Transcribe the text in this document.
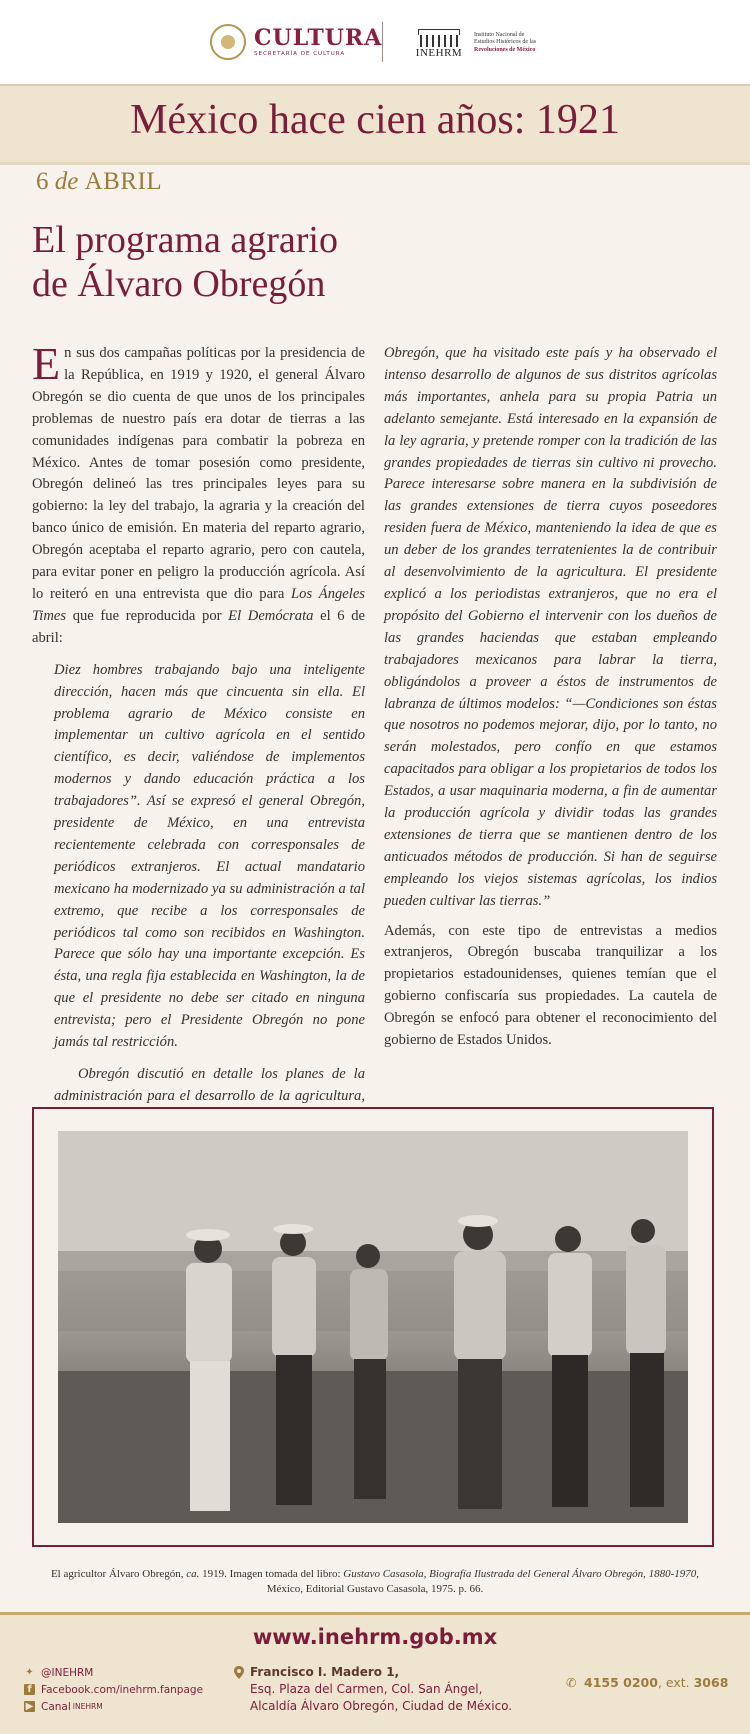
CULTURA
SECRETARÍA DE CULTURA	INEHRM
Instituto Nacional de
Estudios Históricos de las
Revoluciones de México
México hace cien años: 1921
6 de ABRIL
El programa agrario
de Álvaro Obregón

En sus dos campañas políticas por la presidencia de la República, en 1919 y 1920, el general Álvaro Obregón se dio cuenta de que unos de los principales problemas de nuestro país era dotar de tierras a las comunidades indígenas para combatir la pobreza en México. Antes de tomar posesión como presidente, Obregón delineó las tres principales leyes para su gobierno: la ley del trabajo, la agraria y la creación del banco único de emisión. En materia del reparto agrario, Obregón aceptaba el reparto agrario, pero con cautela, para evitar poner en peligro la producción agrícola. Así lo reiteró en una entrevista que dio para Los Ángeles Times que fue reproducida por El Demócrata el 6 de abril:

Diez hombres trabajando bajo una inteligente dirección, hacen más que cincuenta sin ella. El problema agrario de México consiste en implementar un cultivo agrícola en el sentido científico, es decir, valiéndose de implementos modernos y dando educación práctica a los trabajadores”. Así se expresó el general Obregón, presidente de México, en una entrevista recientemente celebrada con corresponsales de periódicos extranjeros. El actual mandatario mexicano ha modernizado ya su administración a tal extremo, que recibe a los corresponsales de periódicos tal como son recibidos en Washington. Parece que sólo hay una importante excepción. Es ésta, una regla fija establecida en Washington, la de que el presidente no debe ser citado en ninguna entrevista; pero el Presidente Obregón no pone jamás tal restricción.

Obregón discutió en detalle los planes de la administración para el desarrollo de la agricultura,

Obregón, que ha visitado este país y ha observado el intenso desarrollo de algunos de sus distritos agrícolas más importantes, anhela para su propia Patria un adelanto semejante. Está interesado en la expansión de la ley agraria, y pretende romper con la tradición de las grandes propiedades de tierras sin cultivo ni provecho. Parece interesarse sobre manera en la subdivisión de las grandes extensiones de tierra cuyos poseedores residen fuera de México, manteniendo la idea de que es un deber de los grandes terratenientes la de contribuir al desenvolvimiento de la agricultura. El presidente explicó a los periodistas extranjeros, que no era el propósito del Gobierno el intervenir con los dueños de las grandes haciendas que estaban empleando trabajadores mexicanos para labrar la tierra, obligándolos a proveer a éstos de instrumentos de labranza de últimos modelos: “—Condiciones son éstas que nosotros no podemos mejorar, dijo, por lo tanto, no serán molestados, pero confío en que estamos capacitados para obligar a los propietarios de todos los Estados, a usar maquinaria moderna, a fin de aumentar la producción agrícola y dividir todas las grandes extensiones de tierra que se mantienen dentro de los anticuados métodos de producción. Si han de seguirse empleando los viejos sistemas agrícolas, los indios pueden cultivar las tierras.”

Además, con este tipo de entrevistas a medios extranjeros, Obregón buscaba tranquilizar a los propietarios estadounidenses, quienes temían que el gobierno confiscaría sus propiedades. La cautela de Obregón se enfocó para obtener el reconocimiento del gobierno de Estados Unidos.

El agricultor Álvaro Obregón, ca. 1919. Imagen tomada del libro: Gustavo Casasola, Biografía Ilustrada del General Álvaro Obregón, 1880-1970, México, Editorial Gustavo Casasola, 1975. p. 66.
www.inehrm.gob.mx
✦ @INEHRM
f Facebook.com/inehrm.fanpage
▶ Canal INEHRM
Francisco I. Madero 1,
Esq. Plaza del Carmen, Col. San Ángel,
Alcaldía Álvaro Obregón, Ciudad de México.
✆ 4155 0200, ext. 3068
